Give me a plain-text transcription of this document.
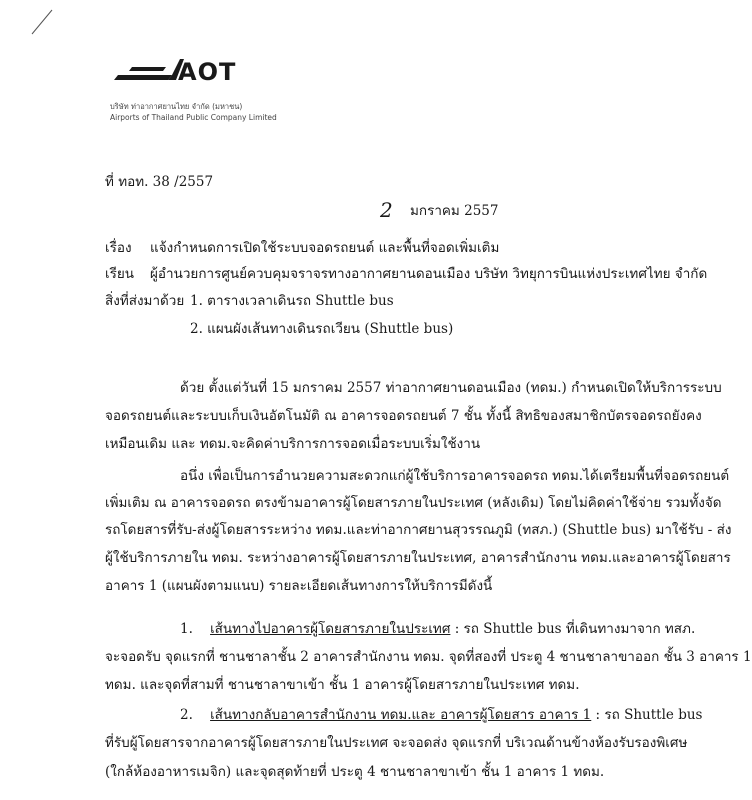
AOT
บริษัท ท่าอากาศยานไทย จำกัด (มหาชน)
Airports of Thailand Public Company Limited
ที่ ทอท. 38 /2557
2 มกราคม 2557
เรื่อง แจ้งกำหนดการเปิดใช้ระบบจอดรถยนต์ และพื้นที่จอดเพิ่มเติม
เรียน ผู้อำนวยการศูนย์ควบคุมจราจรทางอากาศยานดอนเมือง บริษัท วิทยุการบินแห่งประเทศไทย จำกัด
สิ่งที่ส่งมาด้วย 1. ตารางเวลาเดินรถ Shuttle bus
2. แผนผังเส้นทางเดินรถเวียน (Shuttle bus)
ด้วย ตั้งแต่วันที่ 15 มกราคม 2557 ท่าอากาศยานดอนเมือง (ทดม.) กำหนดเปิดให้บริการระบบ
จอดรถยนต์และระบบเก็บเงินอัตโนมัติ ณ อาคารจอดรถยนต์ 7 ชั้น ทั้งนี้ สิทธิของสมาชิกบัตรจอดรถยังคง
เหมือนเดิม และ ทดม.จะคิดค่าบริการการจอดเมื่อระบบเริ่มใช้งาน
อนึ่ง เพื่อเป็นการอำนวยความสะดวกแก่ผู้ใช้บริการอาคารจอดรถ ทดม.ได้เตรียมพื้นที่จอดรถยนต์
เพิ่มเติม ณ อาคารจอดรถ ตรงข้ามอาคารผู้โดยสารภายในประเทศ (หลังเดิม) โดยไม่คิดค่าใช้จ่าย รวมทั้งจัด
รถโดยสารที่รับ-ส่งผู้โดยสารระหว่าง ทดม.และท่าอากาศยานสุวรรณภูมิ (ทสภ.) (Shuttle bus) มาใช้รับ - ส่ง
ผู้ใช้บริการภายใน ทดม. ระหว่างอาคารผู้โดยสารภายในประเทศ, อาคารสำนักงาน ทดม.และอาคารผู้โดยสาร
อาคาร 1 (แผนผังตามแนบ) รายละเอียดเส้นทางการให้บริการมีดังนี้
1. เส้นทางไปอาคารผู้โดยสารภายในประเทศ : รถ Shuttle bus ที่เดินทางมาจาก ทสภ.
จะจอดรับ จุดแรกที่ ชานชาลาชั้น 2 อาคารสำนักงาน ทดม. จุดที่สองที่ ประตู 4 ชานชาลาขาออก ชั้น 3 อาคาร 1
ทดม. และจุดที่สามที่ ชานชาลาขาเข้า ชั้น 1 อาคารผู้โดยสารภายในประเทศ ทดม.
2. เส้นทางกลับอาคารสำนักงาน ทดม.และ อาคารผู้โดยสาร อาคาร 1 : รถ Shuttle bus
ที่รับผู้โดยสารจากอาคารผู้โดยสารภายในประเทศ จะจอดส่ง จุดแรกที่ บริเวณด้านข้างห้องรับรองพิเศษ
(ใกล้ห้องอาหารเมจิก) และจุดสุดท้ายที่ ประตู 4 ชานชาลาขาเข้า ชั้น 1 อาคาร 1 ทดม.
